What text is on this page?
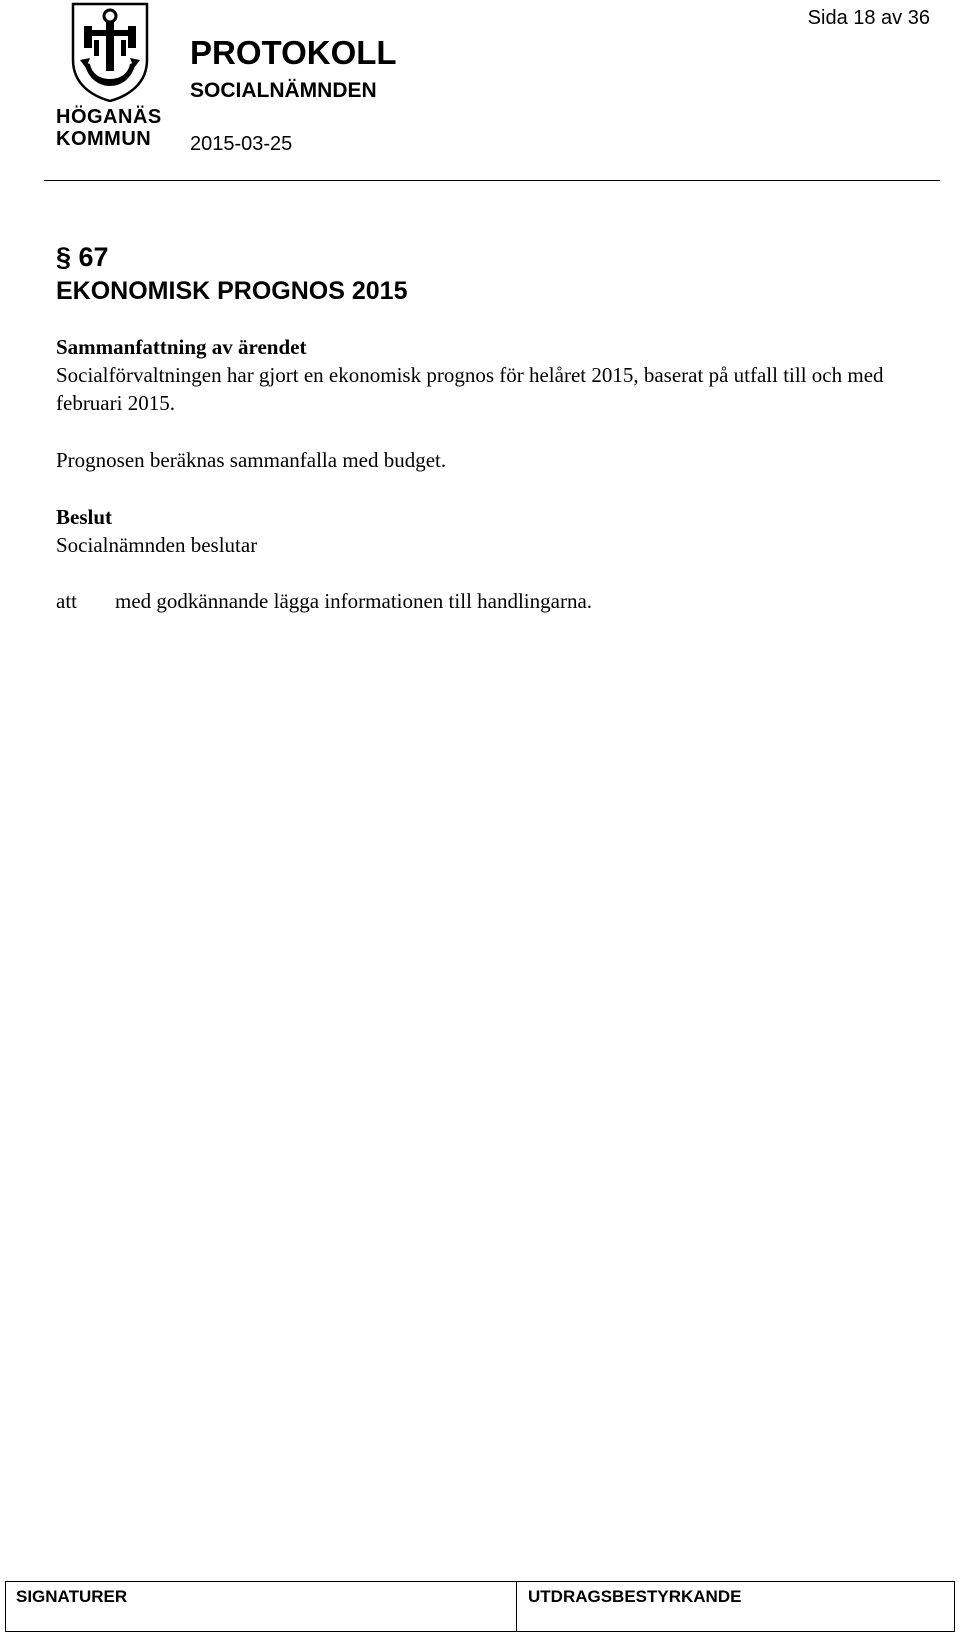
HÖGANÄS
KOMMUN
PROTOKOLL
SOCIALNÄMNDEN
2015-03-25
Sida 18 av 36
§ 67
EKONOMISK PROGNOS 2015
Sammanfattning av ärendet
Socialförvaltningen har gjort en ekonomisk prognos för helåret 2015, baserat på utfall till och med februari 2015.
Prognosen beräknas sammanfalla med budget.
Beslut
Socialnämnden beslutar
att med godkännande lägga informationen till handlingarna.
SIGNATURER	UTDRAGSBESTYRKANDE
